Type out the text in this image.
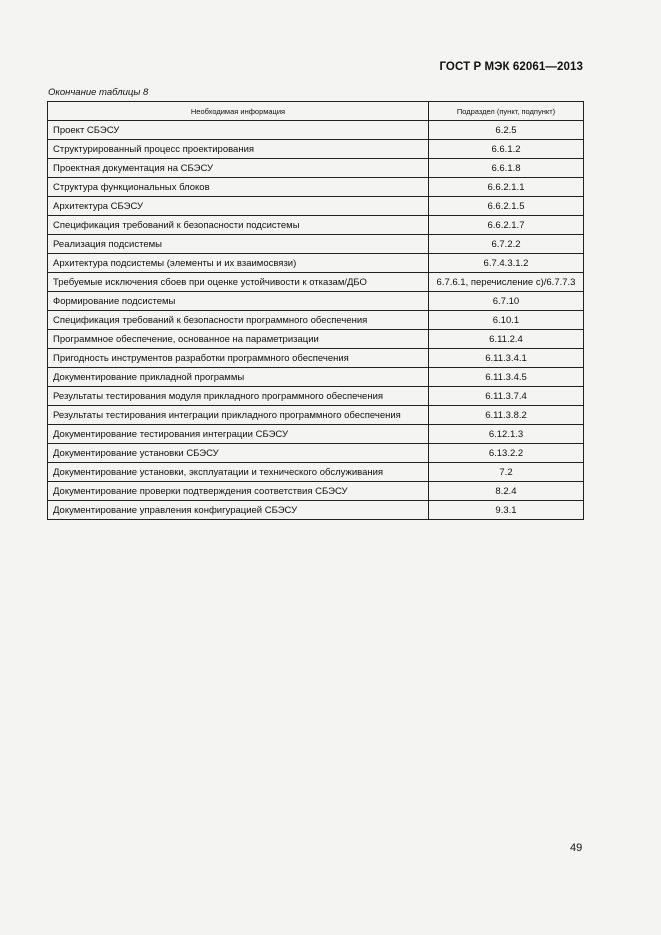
ГОСТ Р МЭК 62061—2013
Окончание таблицы 8
Необходимая информация	Подраздел (пункт, подпункт)
Проект СБЭСУ	6.2.5
Структурированный процесс проектирования	6.6.1.2
Проектная документация на СБЭСУ	6.6.1.8
Структура функциональных блоков	6.6.2.1.1
Архитектура СБЭСУ	6.6.2.1.5
Спецификация требований к безопасности подсистемы	6.6.2.1.7
Реализация подсистемы	6.7.2.2
Архитектура подсистемы (элементы и их взаимосвязи)	6.7.4.3.1.2
Требуемые исключения сбоев при оценке устойчивости к отказам/ДБО	6.7.6.1, перечисление с)/6.7.7.3
Формирование подсистемы	6.7.10
Спецификация требований к безопасности программного обеспечения	6.10.1
Программное обеспечение, основанное на параметризации	6.11.2.4
Пригодность инструментов разработки программного обеспечения	6.11.3.4.1
Документирование прикладной программы	6.11.3.4.5
Результаты тестирования модуля прикладного программного обеспечения	6.11.3.7.4
Результаты тестирования интеграции прикладного программного обеспечения	6.11.3.8.2
Документирование тестирования интеграции СБЭСУ	6.12.1.3
Документирование установки СБЭСУ	6.13.2.2
Документирование установки, эксплуатации и технического обслуживания	7.2
Документирование проверки подтверждения соответствия СБЭСУ	8.2.4
Документирование управления конфигурацией СБЭСУ	9.3.1
49
